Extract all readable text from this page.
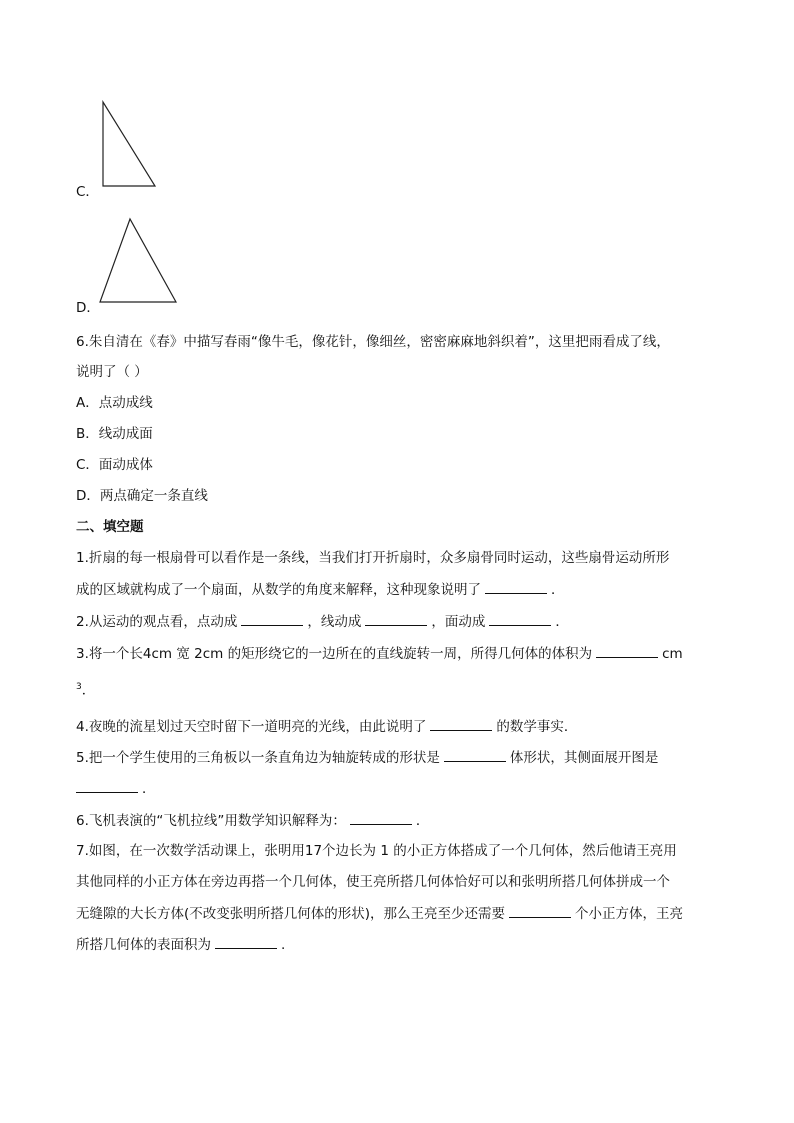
C．
D．
6.朱自清在《春》中描写春雨“像牛毛，像花针，像细丝，密密麻麻地斜织着”，这里把雨看成了线，
说明了（ ）
A．点动成线
B．线动成面
C．面动成体
D．两点确定一条直线
二、填空题
1.折扇的每一根扇骨可以看作是一条线，当我们打开折扇时，众多扇骨同时运动，这些扇骨运动所形
成的区域就构成了一个扇面，从数学的角度来解释，这种现象说明了	．
2.从运动的观点看，点动成	，线动成	，面动成	．
3.将一个长4cm 宽 2cm 的矩形绕它的一边所在的直线旋转一周，所得几何体的体积为	cm
$^3$．
4.夜晚的流星划过天空时留下一道明亮的光线，由此说明了	的数学事实．
5.把一个学生使用的三角板以一条直角边为轴旋转成的形状是	体形状，其侧面展开图是
．
6.飞机表演的“飞机拉线”用数学知识解释为：	．
7.如图，在一次数学活动课上，张明用17个边长为 1 的小正方体搭成了一个几何体，然后他请王亮用
其他同样的小正方体在旁边再搭一个几何体，使王亮所搭几何体恰好可以和张明所搭几何体拼成一个
无缝隙的大长方体(不改变张明所搭几何体的形状)，那么王亮至少还需要	个小正方体，王亮
所搭几何体的表面积为	.
